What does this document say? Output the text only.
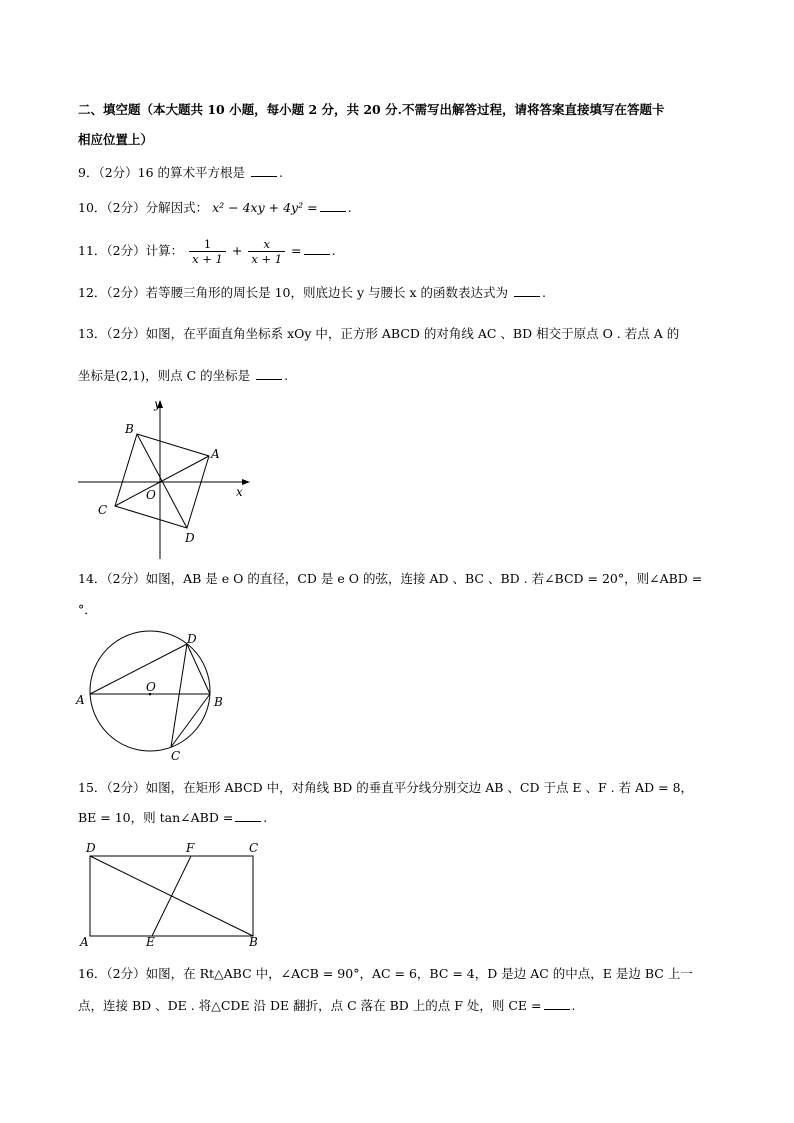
二、填空题（本大题共 10 小题，每小题 2 分，共 20 分.不需写出解答过程，请将答案直接填写在答题卡
相应位置上）
9．（2分）16 的算术平方根是	.
10．（2分）分解因式： x² − 4xy + 4y² = .
11．（2分）计算： $\frac{1}{x + 1} + \frac{x}{x + 1}$ = .
12．（2分）若等腰三角形的周长是 10，则底边长 y 与腰长 x 的函数表达式为	.
13．（2分）如图，在平面直角坐标系 xOy 中，正方形 ABCD 的对角线 AC 、BD 相交于原点 O . 若点 A 的
坐标是(2,1)，则点 C 的坐标是	.
y
x
A
B
C
D
O
14．（2分）如图，AB 是 e O 的直径，CD 是 e O 的弦，连接 AD 、BC 、BD . 若∠BCD = 20°，则∠ABD =
°．
A	B
C
D
O
15．（2分）如图，在矩形 ABCD 中，对角线 BD 的垂直平分线分别交边 AB 、CD 于点 E 、F . 若 AD = 8，
BE = 10，则 tan∠ABD = .
A	B
C
D
E
F
16．（2分）如图，在 Rt△ABC 中，∠ACB = 90°，AC = 6，BC = 4，D 是边 AC 的中点，E 是边 BC 上一
点，连接 BD 、DE . 将△CDE 沿 DE 翻折，点 C 落在 BD 上的点 F 处，则 CE = .
